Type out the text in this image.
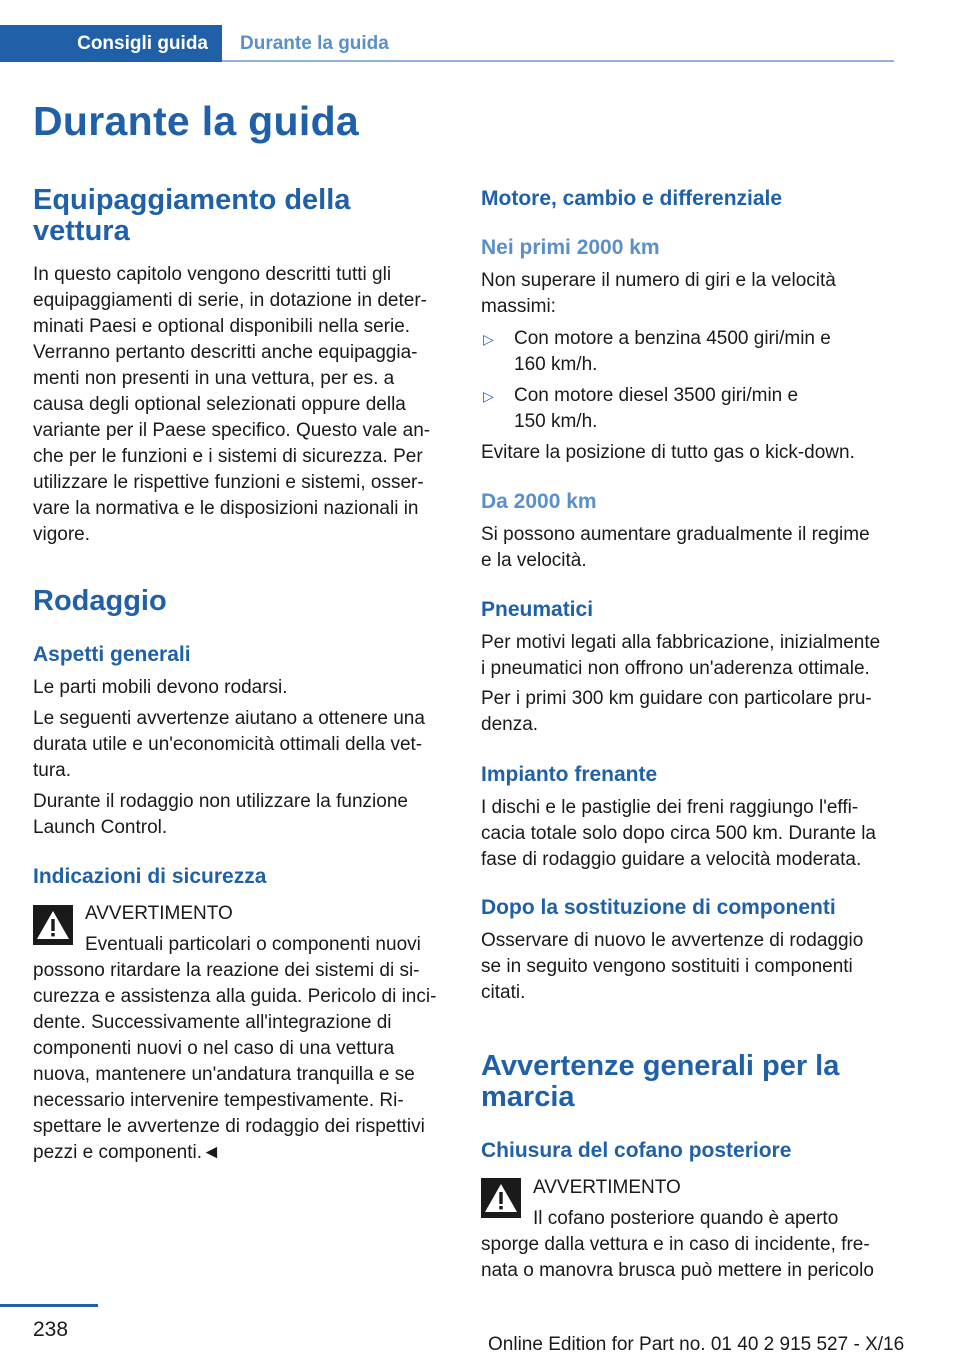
Consigli guida	Durante la guida
Durante la guida
Equipaggiamento della vettura
In questo capitolo vengono descritti tutti gli
equipaggiamenti di serie, in dotazione in deter‐
minati Paesi e optional disponibili nella serie.
Verranno pertanto descritti anche equipaggia‐
menti non presenti in una vettura, per es. a
causa degli optional selezionati oppure della
variante per il Paese specifico. Questo vale an‐
che per le funzioni e i sistemi di sicurezza. Per
utilizzare le rispettive funzioni e sistemi, osser‐
vare la normativa e le disposizioni nazionali in
vigore.
Rodaggio
Aspetti generali
Le parti mobili devono rodarsi.
Le seguenti avvertenze aiutano a ottenere una
durata utile e un'economicità ottimali della vet‐
tura.
Durante il rodaggio non utilizzare la funzione
Launch Control.
Indicazioni di sicurezza
AVVERTIMENTO
Eventuali particolari o componenti nuovi
possono ritardare la reazione dei sistemi di si‐
curezza e assistenza alla guida. Pericolo di inci‐
dente. Successivamente all'integrazione di
componenti nuovi o nel caso di una vettura
nuova, mantenere un'andatura tranquilla e se
necessario intervenire tempestivamente. Ri‐
spettare le avvertenze di rodaggio dei rispettivi
pezzi e componenti.◄
Motore, cambio e differenziale
Nei primi 2000 km
Non superare il numero di giri e la velocità
massimi:
▷ Con motore a benzina 4500 giri/min e
160 km/h.
▷ Con motore diesel 3500 giri/min e
150 km/h.
Evitare la posizione di tutto gas o kick-down.
Da 2000 km
Si possono aumentare gradualmente il regime
e la velocità.
Pneumatici
Per motivi legati alla fabbricazione, inizialmente
i pneumatici non offrono un'aderenza ottimale.
Per i primi 300 km guidare con particolare pru‐
denza.
Impianto frenante
I dischi e le pastiglie dei freni raggiungo l'effi‐
cacia totale solo dopo circa 500 km. Durante la
fase di rodaggio guidare a velocità moderata.
Dopo la sostituzione di componenti
Osservare di nuovo le avvertenze di rodaggio
se in seguito vengono sostituiti i componenti
citati.
Avvertenze generali per la marcia
Chiusura del cofano posteriore
AVVERTIMENTO
Il cofano posteriore quando è aperto
sporge dalla vettura e in caso di incidente, fre‐
nata o manovra brusca può mettere in pericolo
238
Online Edition for Part no. 01 40 2 915 527 - X/16
